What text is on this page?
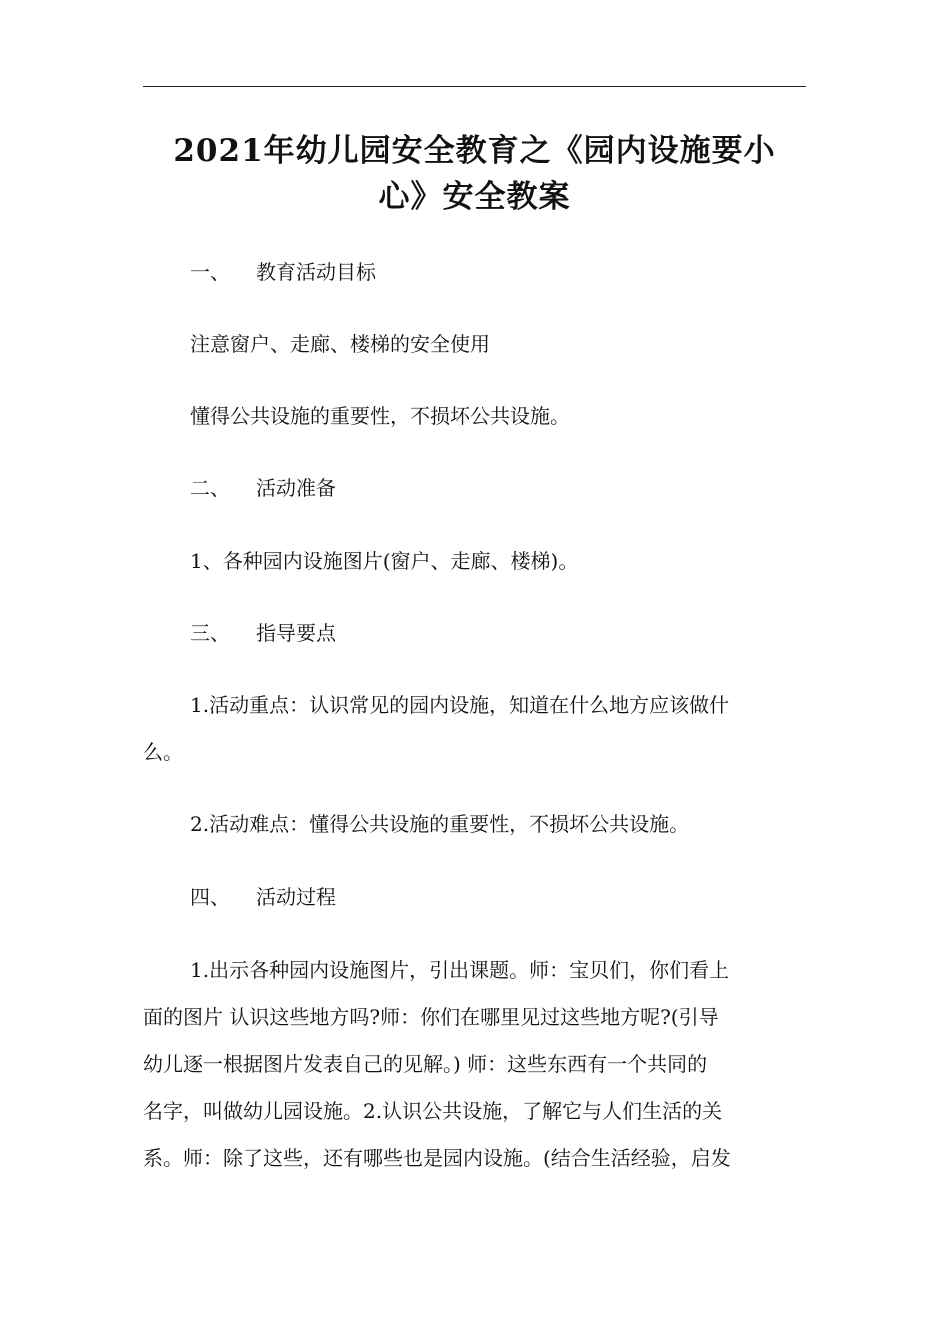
2021年幼儿园安全教育之《园内设施要小
心》安全教案
一、 教育活动目标
注意窗户、走廊、楼梯的安全使用
懂得公共设施的重要性，不损坏公共设施。
二、 活动准备
1、各种园内设施图片(窗户、走廊、楼梯)。
三、 指导要点
1.活动重点：认识常见的园内设施，知道在什么地方应该做什
么。
2.活动难点：懂得公共设施的重要性，不损坏公共设施。
四、 活动过程
1.出示各种园内设施图片，引出课题。师：宝贝们，你们看上
面的图片 认识这些地方吗?师：你们在哪里见过这些地方呢?(引导
幼儿逐一根据图片发表自己的见解。) 师：这些东西有一个共同的
名字，叫做幼儿园设施。2.认识公共设施，了解它与人们生活的关
系。师：除了这些，还有哪些也是园内设施。(结合生活经验，启发
